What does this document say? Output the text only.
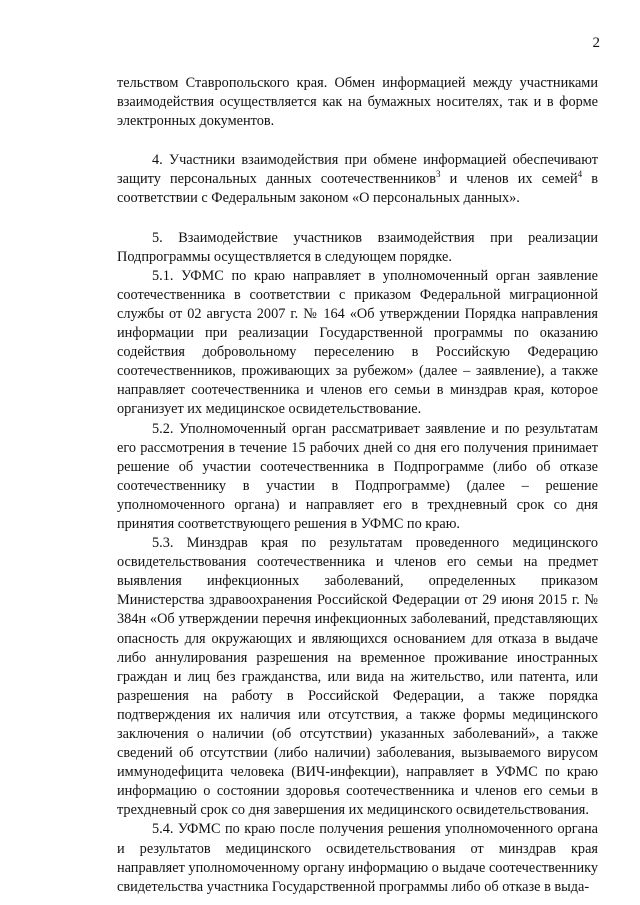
2

тельством Ставропольского края. Обмен информацией между участниками взаимодействия осуществляется как на бумажных носителях, так и в форме электронных документов.

4. Участники взаимодействия при обмене информацией обеспечивают защиту персональных данных соотечественников$^3$ и членов их семей$^4$ в соответствии с Федеральным законом «О персональных данных».

5. Взаимодействие участников взаимодействия при реализации Подпрограммы осуществляется в следующем порядке.

5.1. УФМС по краю направляет в уполномоченный орган заявление соотечественника в соответствии с приказом Федеральной миграционной службы от 02 августа 2007 г. № 164 «Об утверждении Порядка направления информации при реализации Государственной программы по оказанию содействия добровольному переселению в Российскую Федерацию соотечественников, проживающих за рубежом» (далее – заявление), а также направляет соотечественника и членов его семьи в минздрав края, которое организует их медицинское освидетельствование.

5.2. Уполномоченный орган рассматривает заявление и по результатам его рассмотрения в течение 15 рабочих дней со дня его получения принимает решение об участии соотечественника в Подпрограмме (либо об отказе соотечественнику в участии в Подпрограмме) (далее – решение уполномоченного органа) и направляет его в трехдневный срок со дня принятия соответствующего решения в УФМС по краю.

5.3. Минздрав края по результатам проведенного медицинского освидетельствования соотечественника и членов его семьи на предмет выявления инфекционных заболеваний, определенных приказом Министерства здравоохранения Российской Федерации от 29 июня 2015 г. № 384н «Об утверждении перечня инфекционных заболеваний, представляющих опасность для окружающих и являющихся основанием для отказа в выдаче либо аннулирования разрешения на временное проживание иностранных граждан и лиц без гражданства, или вида на жительство, или патента, или разрешения на работу в Российской Федерации, а также порядка подтверждения их наличия или отсутствия, а также формы медицинского заключения о наличии (об отсутствии) указанных заболеваний», а также сведений об отсутствии (либо наличии) заболевания, вызываемого вирусом иммунодефицита человека (ВИЧ-инфекции), направляет в УФМС по краю информацию о состоянии здоровья соотечественника и членов его семьи в трехдневный срок со дня завершения их медицинского освидетельствования.

5.4. УФМС по краю после получения решения уполномоченного органа и результатов медицинского освидетельствования от минздрав края направляет уполномоченному органу информацию о выдаче соотечественнику свидетельства участника Государственной программы либо об отказе в выда-
